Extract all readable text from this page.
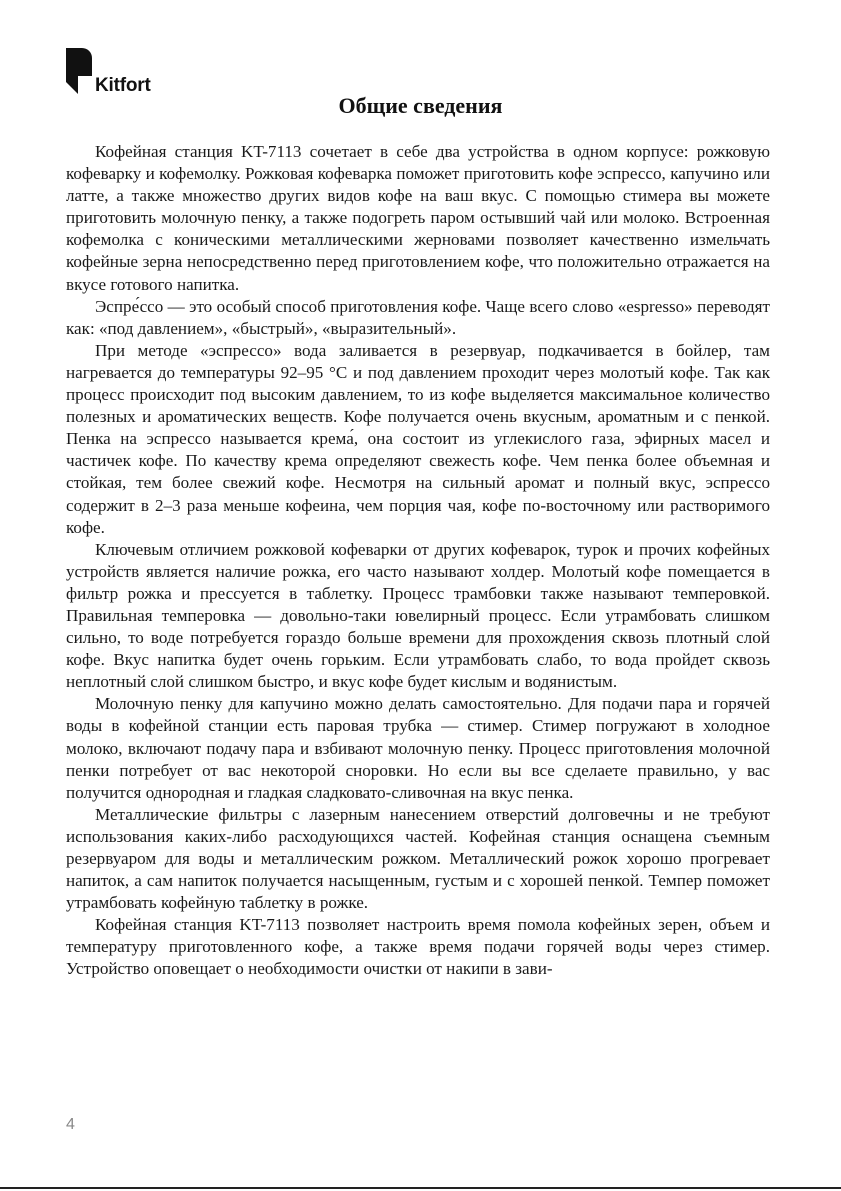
Kitfort
Общие сведения

Кофейная станция KT-7113 сочетает в себе два устройства в одном корпусе: рожковую кофеварку и кофемолку. Рожковая кофеварка поможет приготовить кофе эспрессо, капучино или латте, а также множество других видов кофе на ваш вкус. С помощью стимера вы можете приготовить молочную пенку, а также подогреть паром остывший чай или молоко. Встроенная кофемолка с коническими металлическими жерновами позволяет качественно измельчать кофейные зерна непосредственно перед приготовлением кофе, что положительно отражается на вкусе готового напитка.

Эспре́ссо — это особый способ приготовления кофе. Чаще всего слово «espresso» переводят как: «под давлением», «быстрый», «выразительный».

При методе «эспрессо» вода заливается в резервуар, подкачивается в бойлер, там нагревается до температуры 92–95 °C и под давлением проходит через молотый кофе. Так как процесс происходит под высоким давлением, то из кофе выделяется максимальное количество полезных и ароматических веществ. Кофе получается очень вкусным, ароматным и с пенкой. Пенка на эспрессо называется крема́, она состоит из углекислого газа, эфирных масел и частичек кофе. По качеству крема определяют свежесть кофе. Чем пенка более объемная и стойкая, тем более свежий кофе. Несмотря на сильный аромат и полный вкус, эспрессо содержит в 2–3 раза меньше кофеина, чем порция чая, кофе по-восточному или растворимого кофе.

Ключевым отличием рожковой кофеварки от других кофеварок, турок и прочих кофейных устройств является наличие рожка, его часто называют холдер. Молотый кофе помещается в фильтр рожка и прессуется в таблетку. Процесс трамбовки также называют темперовкой. Правильная темперовка — довольно-таки ювелирный процесс. Если утрамбовать слишком сильно, то воде потребуется гораздо больше времени для прохождения сквозь плотный слой кофе. Вкус напитка будет очень горьким. Если утрамбовать слабо, то вода пройдет сквозь неплотный слой слишком быстро, и вкус кофе будет кислым и водянистым.

Молочную пенку для капучино можно делать самостоятельно. Для подачи пара и горячей воды в кофейной станции есть паровая трубка — стимер. Стимер погружают в холодное молоко, включают подачу пара и взбивают молочную пенку. Процесс приготовления молочной пенки потребует от вас некоторой сноровки. Но если вы все сделаете правильно, у вас получится однородная и гладкая сладковато-сливочная на вкус пенка.

Металлические фильтры с лазерным нанесением отверстий долговечны и не требуют использования каких-либо расходующихся частей. Кофейная станция оснащена съемным резервуаром для воды и металлическим рожком. Металлический рожок хорошо прогревает напиток, а сам напиток получается насыщенным, густым и с хорошей пенкой. Темпер поможет утрамбовать кофейную таблетку в рожке.

Кофейная станция KT-7113 позволяет настроить время помола кофейных зерен, объем и температуру приготовленного кофе, а также время подачи горячей воды через стимер. Устройство оповещает о необходимости очистки от накипи в зави-

4
